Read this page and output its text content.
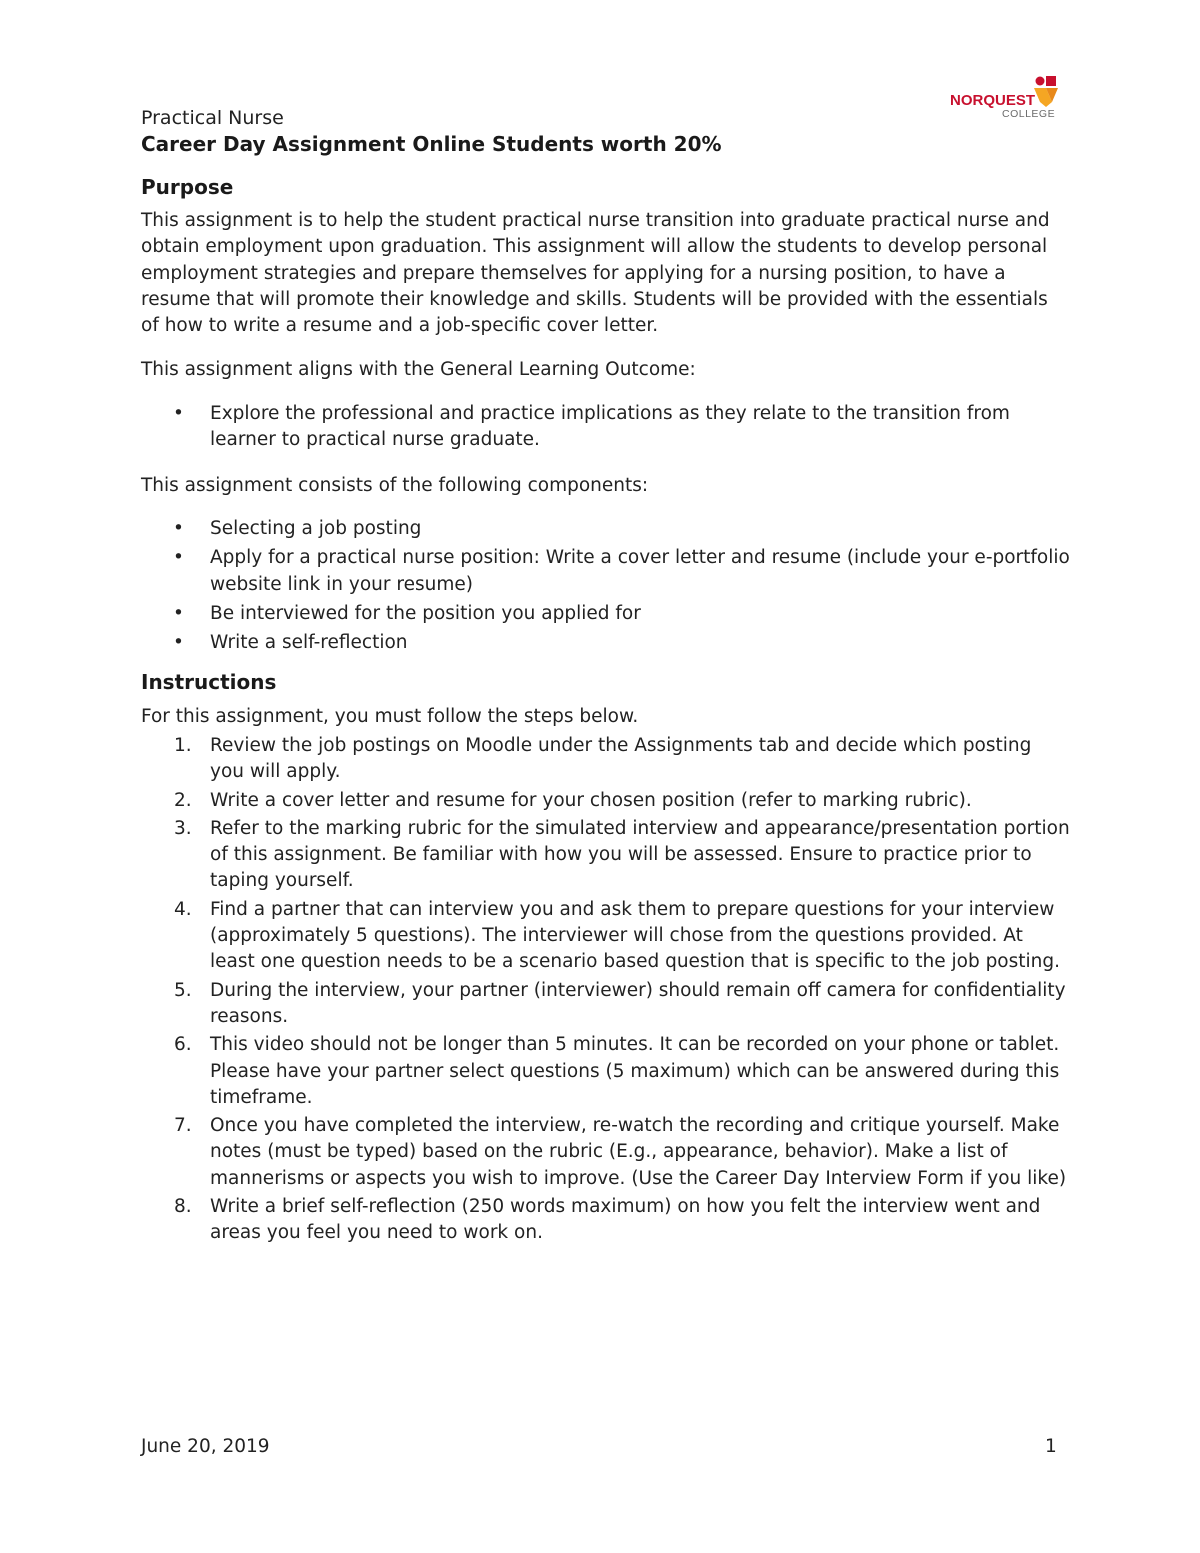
NORQUEST
COLLEGE
Practical Nurse
Career Day Assignment Online Students worth 20%
Purpose
This assignment is to help the student practical nurse transition into graduate practical nurse and obtain employment upon graduation. This assignment will allow the students to develop personal employment strategies and prepare themselves for applying for a nursing position, to have a resume that will promote their knowledge and skills. Students will be provided with the essentials of how to write a resume and a job-specific cover letter.
This assignment aligns with the General Learning Outcome:
• Explore the professional and practice implications as they relate to the transition from learner to practical nurse graduate.
This assignment consists of the following components:
• Selecting a job posting
• Apply for a practical nurse position: Write a cover letter and resume (include your e-portfolio website link in your resume)
• Be interviewed for the position you applied for
• Write a self-reflection
Instructions
For this assignment, you must follow the steps below.
1. Review the job postings on Moodle under the Assignments tab and decide which posting you will apply.
2. Write a cover letter and resume for your chosen position (refer to marking rubric).
3. Refer to the marking rubric for the simulated interview and appearance/presentation portion of this assignment. Be familiar with how you will be assessed. Ensure to practice prior to taping yourself.
4. Find a partner that can interview you and ask them to prepare questions for your interview (approximately 5 questions). The interviewer will chose from the questions provided. At least one question needs to be a scenario based question that is specific to the job posting.
5. During the interview, your partner (interviewer) should remain off camera for confidentiality reasons.
6. This video should not be longer than 5 minutes. It can be recorded on your phone or tablet. Please have your partner select questions (5 maximum) which can be answered during this timeframe.
7. Once you have completed the interview, re-watch the recording and critique yourself. Make notes (must be typed) based on the rubric (E.g., appearance, behavior). Make a list of mannerisms or aspects you wish to improve. (Use the Career Day Interview Form if you like)
8. Write a brief self-reflection (250 words maximum) on how you felt the interview went and areas you feel you need to work on.
June 20, 2019	1
